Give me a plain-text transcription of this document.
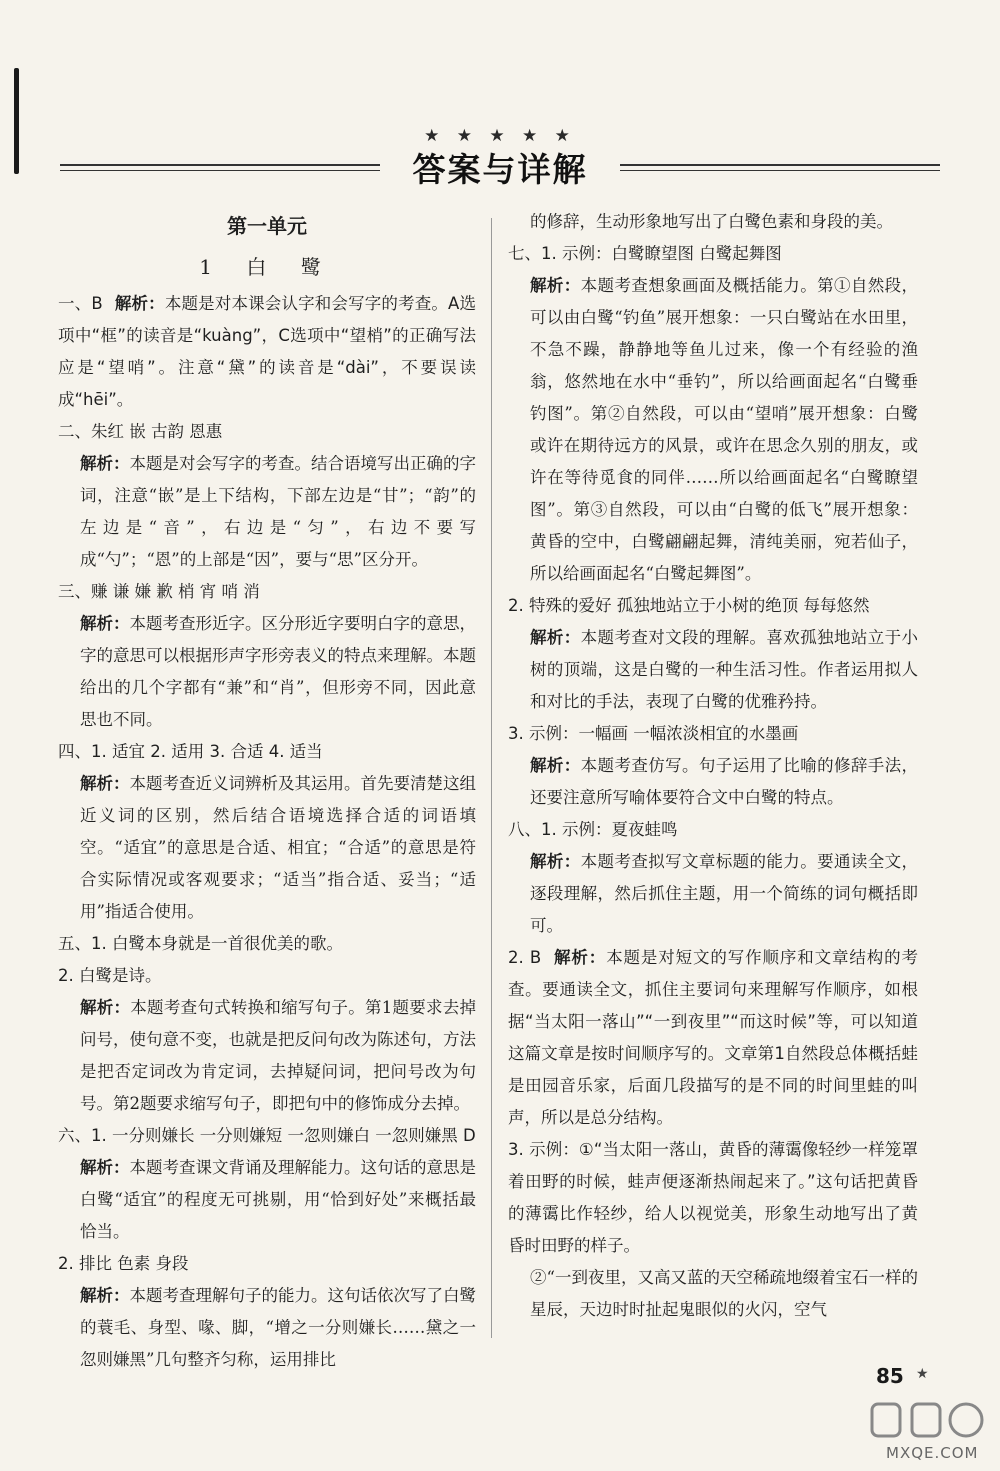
★ ★ ★ ★ ★
答案与详解
第一单元
1 白 鹭

一、B 解析：本题是对本课会认字和会写字的考查。A选项中“框”的读音是“kuàng”，C选项中“望梢”的正确写法应是“望哨”。注意“黛”的读音是“dài”，不要误读成“hēi”。

二、朱红 嵌 古韵 恩惠

解析：本题是对会写字的考查。结合语境写出正确的字词，注意“嵌”是上下结构，下部左边是“甘”；“韵”的左边是“音”，右边是“匀”，右边不要写成“勺”；“恩”的上部是“因”，要与“思”区分开。

三、赚 谦 嫌 歉 梢 宵 哨 消

解析：本题考查形近字。区分形近字要明白字的意思，字的意思可以根据形声字形旁表义的特点来理解。本题给出的几个字都有“兼”和“肖”，但形旁不同，因此意思也不同。

四、1. 适宜 2. 适用 3. 合适 4. 适当

解析：本题考查近义词辨析及其运用。首先要清楚这组近义词的区别，然后结合语境选择合适的词语填空。“适宜”的意思是合适、相宜；“合适”的意思是符合实际情况或客观要求；“适当”指合适、妥当；“适用”指适合使用。

五、1. 白鹭本身就是一首很优美的歌。

2. 白鹭是诗。

解析：本题考查句式转换和缩写句子。第1题要求去掉问号，使句意不变，也就是把反问句改为陈述句，方法是把否定词改为肯定词，去掉疑问词，把问号改为句号。第2题要求缩写句子，即把句中的修饰成分去掉。

六、1. 一分则嫌长 一分则嫌短 一忽则嫌白 一忽则嫌黑 D

解析：本题考查课文背诵及理解能力。这句话的意思是白鹭“适宜”的程度无可挑剔，用“恰到好处”来概括最恰当。

2. 排比 色素 身段

解析：本题考查理解句子的能力。这句话依次写了白鹭的蓑毛、身型、喙、脚，“增之一分则嫌长……黛之一忽则嫌黑”几句整齐匀称，运用排比

的修辞，生动形象地写出了白鹭色素和身段的美。

七、1. 示例：白鹭瞭望图 白鹭起舞图

解析：本题考查想象画面及概括能力。第①自然段，可以由白鹭“钓鱼”展开想象：一只白鹭站在水田里，不急不躁，静静地等鱼儿过来，像一个有经验的渔翁，悠然地在水中“垂钓”，所以给画面起名“白鹭垂钓图”。第②自然段，可以由“望哨”展开想象：白鹭或许在期待远方的风景，或许在思念久别的朋友，或许在等待觅食的同伴……所以给画面起名“白鹭瞭望图”。第③自然段，可以由“白鹭的低飞”展开想象：黄昏的空中，白鹭翩翩起舞，清纯美丽，宛若仙子，所以给画面起名“白鹭起舞图”。

2. 特殊的爱好 孤独地站立于小树的绝顶 每每悠然

解析：本题考查对文段的理解。喜欢孤独地站立于小树的顶端，这是白鹭的一种生活习性。作者运用拟人和对比的手法，表现了白鹭的优雅矜持。

3. 示例：一幅画 一幅浓淡相宜的水墨画

解析：本题考查仿写。句子运用了比喻的修辞手法，还要注意所写喻体要符合文中白鹭的特点。

八、1. 示例：夏夜蛙鸣

解析：本题考查拟写文章标题的能力。要通读全文，逐段理解，然后抓住主题，用一个简练的词句概括即可。

2. B 解析：本题是对短文的写作顺序和文章结构的考查。要通读全文，抓住主要词句来理解写作顺序，如根据“当太阳一落山”“一到夜里”“而这时候”等，可以知道这篇文章是按时间顺序写的。文章第1自然段总体概括蛙是田园音乐家，后面几段描写的是不同的时间里蛙的叫声，所以是总分结构。

3. 示例：①“当太阳一落山，黄昏的薄霭像轻纱一样笼罩着田野的时候，蛙声便逐渐热闹起来了。”这句话把黄昏的薄霭比作轻纱，给人以视觉美，形象生动地写出了黄昏时田野的样子。

②“一到夜里，又高又蓝的天空稀疏地缀着宝石一样的星辰，天边时时扯起鬼眼似的火闪，空气

85 ★
MXQE.COM
